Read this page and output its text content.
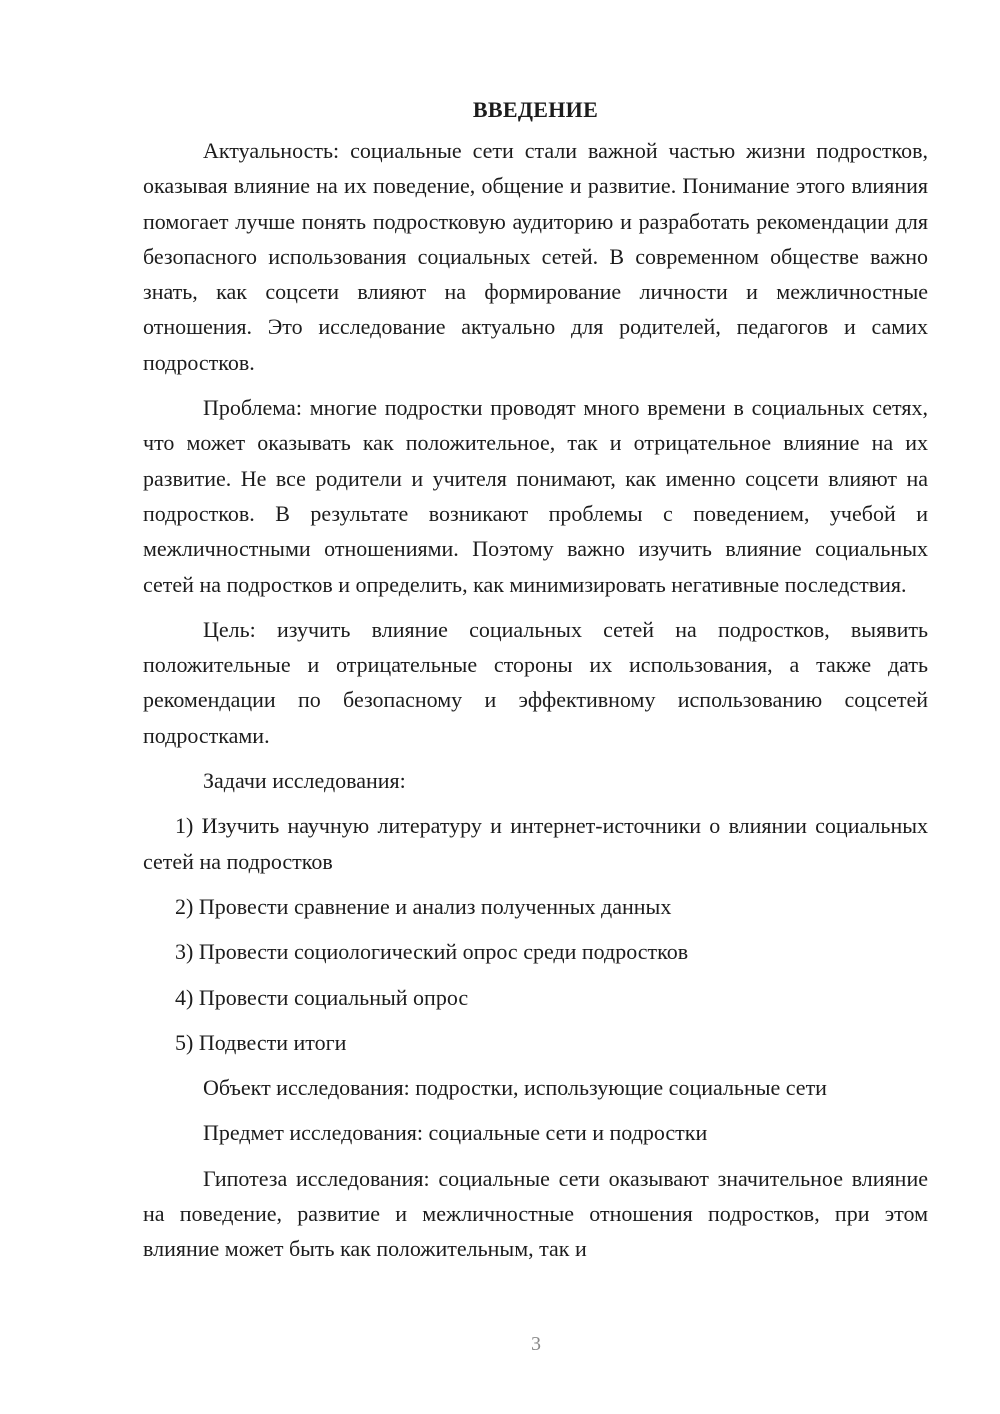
ВВЕДЕНИЕ

Актуальность: социальные сети стали важной частью жизни подростков, оказывая влияние на их поведение, общение и развитие. Понимание этого влияния помогает лучше понять подростковую аудиторию и разработать рекомендации для безопасного использования социальных сетей. В современном обществе важно знать, как соцсети влияют на формирование личности и межличностные отношения. Это исследование актуально для родителей, педагогов и самих подростков.

Проблема: многие подростки проводят много времени в социальных сетях, что может оказывать как положительное, так и отрицательное влияние на их развитие. Не все родители и учителя понимают, как именно соцсети влияют на подростков. В результате возникают проблемы с поведением, учебой и межличностными отношениями. Поэтому важно изучить влияние социальных сетей на подростков и определить, как минимизировать негативные последствия.

Цель: изучить влияние социальных сетей на подростков, выявить положительные и отрицательные стороны их использования, а также дать рекомендации по безопасному и эффективному использованию соцсетей подростками.

Задачи исследования:

1) Изучить научную литературу и интернет-источники о влиянии социальных сетей на подростков

2) Провести сравнение и анализ полученных данных

3) Провести социологический опрос среди подростков

4) Провести социальный опрос

5) Подвести итоги

Объект исследования: подростки, использующие социальные сети

Предмет исследования: социальные сети и подростки

Гипотеза исследования: социальные сети оказывают значительное влияние на поведение, развитие и межличностные отношения подростков, при этом влияние может быть как положительным, так и

3
